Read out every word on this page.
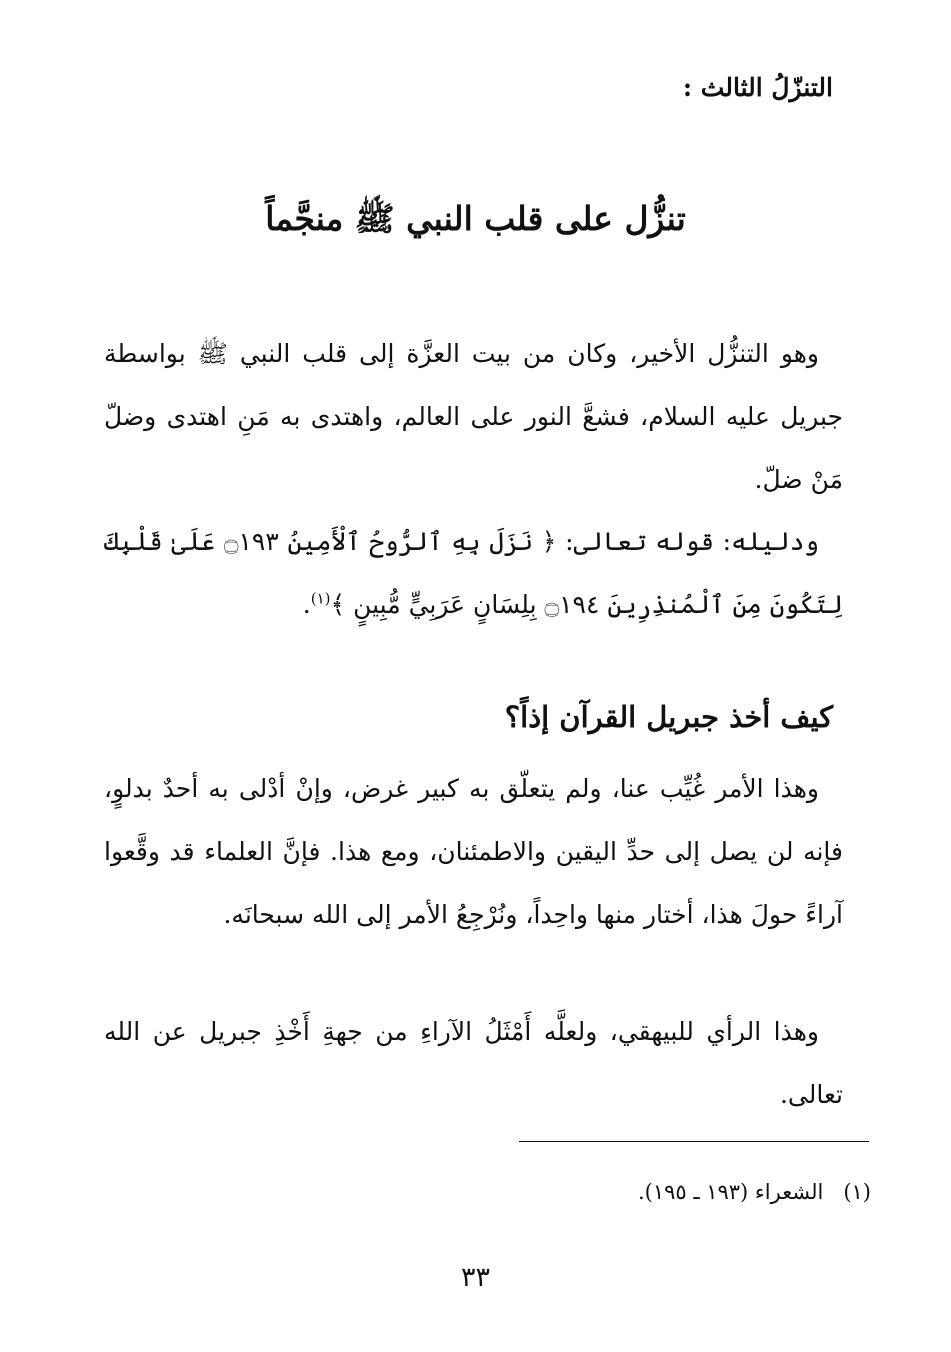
التنزّلُ الثالث :
تنزُّل على قلب النبي ﷺ منجَّماً

وهو التنزُّل الأخير، وكان من بيت العزَّة إلى قلب النبي ﷺ بواسطة جبريل عليه السلام، فشعَّ النور على العالم، واهتدى به مَنِ اهتدى وضلّ مَنْ ضلّ.

ودليله: قوله تعالى: ﴿ نَزَلَ بِهِ ٱلرُّوحُ ٱلْأَمِينُ ۝١٩٣ عَلَىٰ قَلْبِكَ لِتَكُونَ مِنَ ٱلْمُنذِرِينَ ۝١٩٤ بِلِسَانٍ عَرَبِيٍّ مُّبِينٍ ﴾$^{(١)}$.

كيف أخذ جبريل القرآن إذاً؟

وهذا الأمر غُيِّب عنا، ولم يتعلّق به كبير غرض، وإنْ أدْلى به أحدٌ بدلوٍ، فإنه لن يصل إلى حدِّ اليقين والاطمئنان، ومع هذا. فإنَّ العلماء قد وقَّعوا آراءً حولَ هذا، أختار منها واحِداً، ونُرْجِعُ الأمر إلى الله سبحانَه.

وهذا الرأي للبيهقي، ولعلَّه أَمْثَلُ الآراءِ من جهةِ أَخْذِ جبريل عن الله تعالى.

(١)الشعراء (١٩٣ ـ ١٩٥).
٣٣
